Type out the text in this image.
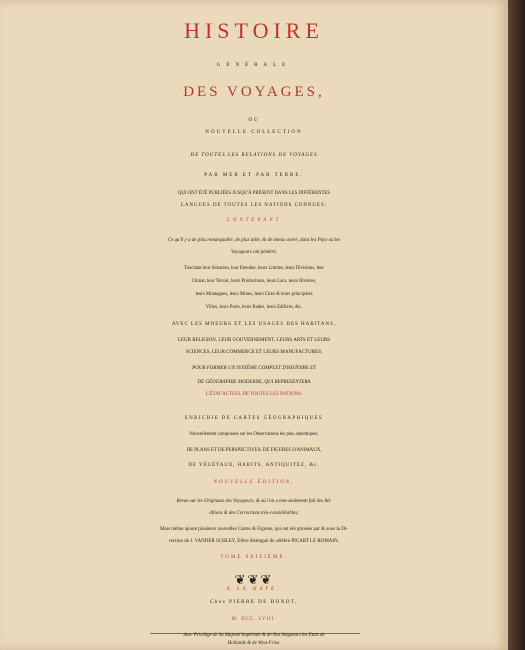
HISTOIRE
GÉNÉRALE
DES VOYAGES,
OU
NOUVELLE COLLECTION
DE TOUTES LES RELATIONS DE VOYAGES
PAR MER ET PAR TERRE,
QUI ONT ÉTÉ PUBLIÉES JUSQU'À PRÉSENT DANS LES DIFFÉRENTES
LANGUES DE TOUTES LES NATIONS CONNUES:
CONTENANT
Ce qu'il y a de plus remarquable, de plus utile, & de mieux avéré, dans les Pays où les
Voyageurs ont pénétré,
Touchant leur Situation, leur Etendue, leurs Limites, leurs Divisions, leur
Climat, leur Terroir, leurs Productions, leurs Lacs, leurs Rivières,
leurs Montagnes, leurs Mines, leurs Citez & leurs principales
Villes, leurs Ports, leurs Rades, leurs Edifices, &c.
AVEC LES MOEURS ET LES USAGES DES HABITANS,
LEUR RELIGION, LEUR GOUVERNEMENT, LEURS ARTS ET LEURS
SCIENCES, LEUR COMMERCE ET LEURS MANUFACTURES;
POUR FORMER UN SYSTÈME COMPLET D'HISTOIRE ET
DE GÉOGRAPHIE MODERNE, QUI REPRESENTERA
L'ÉTAT ACTUEL DE TOUTES LES NATIONS:
ENRICHIE DE CARTES GÉOGRAPHIQUES
Nouvellement composées sur les Observations les plus autentiques;
DE PLANS ET DE PERSPECTIVES; DE FIGURES D'ANIMAUX,
DE VÉGÉTAUX, HABITS, ANTIQUITEZ, &c.
NOUVELLE ÉDITION,
Revue sur les Originaux des Voyageurs, & où l'on a non-seulement fait des Ad-
ditions & des Corrections très-considérables;
Mais même ajouté plusieurs nouvelles Cartes & Figures, qui ont été gravées par & sous la Di-
rection de J. VANDER SCHLEY, Elève distingué du célèbre PICART LE ROMAIN.
TOME SEIZIÈME.
❦❦❦
A LA HAYE,
Chez PIERRE DE HONDT,
M. DCC. LVIII.
Avec Privilège de Sa Majesté Impériale & de Nos Seigneurs les Etats de
Hollande & de West-Frise.
